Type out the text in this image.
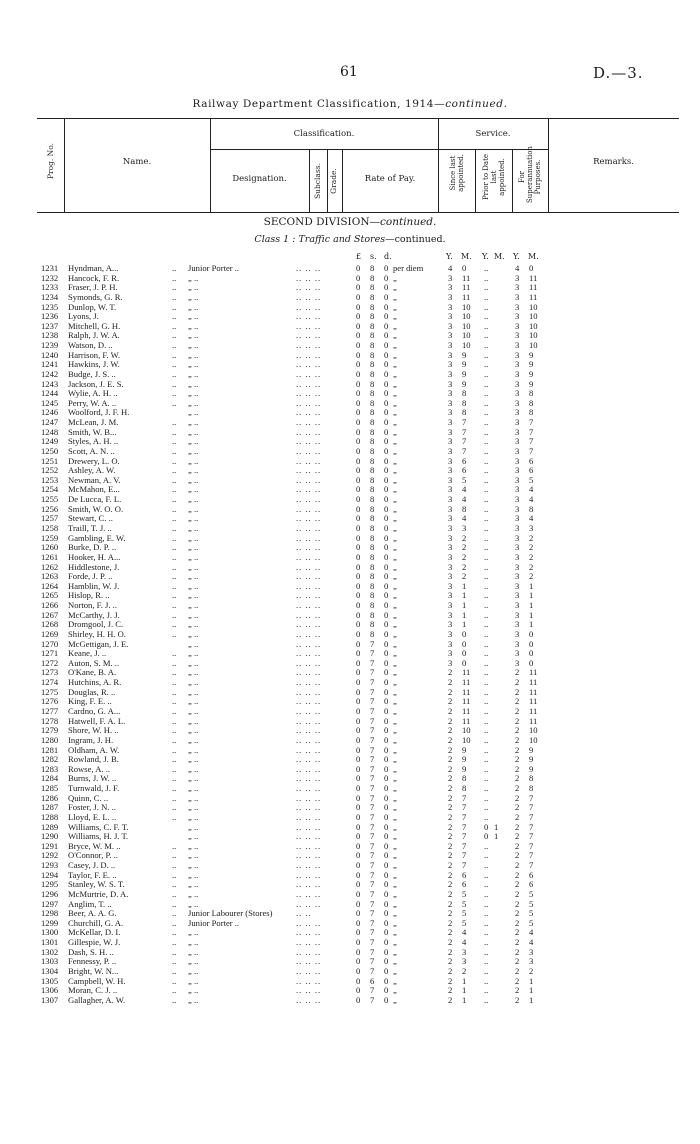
61	D.—3.
Railway Department Classification, 1914—continued.
Prog. No.	Name.
Classification.
Designation.	Subclass. Grade.	Rate of Pay.
Service.
Since last appointed. Prior to Date last appointed. For Superannuation Purposes.	Remarks.
SECOND DIVISION—continued.
Class 1 : Traffic and Stores—continued.
£ s. d.	Y. M. Y. M. Y. M.
1231 Hyndman, A...	.. Junior Porter ..	.. .. ..	0 8 0 per diem	4 0 ..	4 0
1232 Hancock, F. R.	.. „ ..	.. .. ..	0 8 0 „	3 11 ..	3 11
1233 Fraser, J. P. H.	.. „ ..	.. .. ..	0 8 0 „	3 11 ..	3 11
1234 Symonds, G. R.	.. „ ..	.. .. ..	0 8 0 „	3 11 ..	3 11
1235 Dunlop, W. T.	.. „ ..	.. .. ..	0 8 0 „	3 10 ..	3 10
1236 Lyons, J.	.. „ ..	.. .. ..	0 8 0 „	3 10 ..	3 10
1237 Mitchell, G. H.	.. „ ..	.. .. ..	0 8 0 „	3 10 ..	3 10
1238 Ralph, J. W. A.	.. „ ..	.. .. ..	0 8 0 „	3 10 ..	3 10
1239 Watson, D. ..	.. „ ..	.. .. ..	0 8 0 „	3 10 ..	3 10
1240 Harrison, F. W.	.. „ ..	.. .. ..	0 8 0 „	3 9 ..	3 9
1241 Hawkins, J. W.	.. „ ..	.. .. ..	0 8 0 „	3 9 ..	3 9
1242 Budge, J. S. ..	.. „ ..	.. .. ..	0 8 0 „	3 9 ..	3 9
1243 Jackson, J. E. S.	.. „ ..	.. .. ..	0 8 0 „	3 9 ..	3 9
1244 Wylie, A. H. ..	.. „ ..	.. .. ..	0 8 0 „	3 8 ..	3 8
1245 Perry, W. A. ..	.. „ ..	.. .. ..	0 8 0 „	3 8 ..	3 8
1246 Woolford, J. F. H.	„ ..	.. .. ..	0 8 0 „	3 8 ..	3 8
1247 McLean, J. M.	.. „ ..	.. .. ..	0 8 0 „	3 7 ..	3 7
1248 Smith, W. B...	.. „ ..	.. .. ..	0 8 0 „	3 7 ..	3 7
1249 Styles, A. H. ..	.. „ ..	.. .. ..	0 8 0 „	3 7 ..	3 7
1250 Scott, A. N. ..	.. „ ..	.. .. ..	0 8 0 „	3 7 ..	3 7
1251 Drewery, L. O.	.. „ ..	.. .. ..	0 8 0 „	3 6 ..	3 6
1252 Ashley, A. W.	.. „ ..	.. .. ..	0 8 0 „	3 6 ..	3 6
1253 Newman, A. V.	.. „ ..	.. .. ..	0 8 0 „	3 5 ..	3 5
1254 McMahon, E...	.. „ ..	.. .. ..	0 8 0 „	3 4 ..	3 4
1255 De Lucca, F. L.	.. „ ..	.. .. ..	0 8 0 „	3 4 ..	3 4
1256 Smith, W. O. O.	.. „ ..	.. .. ..	0 8 0 „	3 8 ..	3 8
1257 Stewart, C. ..	.. „ ..	.. .. ..	0 8 0 „	3 4 ..	3 4
1258 Traill, T. J. ..	.. „ ..	.. .. ..	0 8 0 „	3 3 ..	3 3
1259 Gambling, E. W.	.. „ ..	.. .. ..	0 8 0 „	3 2 ..	3 2
1260 Burke, D. P. ..	.. „ ..	.. .. ..	0 8 0 „	3 2 ..	3 2
1261 Hooker, H. A...	.. „ ..	.. .. ..	0 8 0 „	3 2 ..	3 2
1262 Hiddlestone, J.	.. „ ..	.. .. ..	0 8 0 „	3 2 ..	3 2
1263 Forde, J. P. ..	.. „ ..	.. .. ..	0 8 0 „	3 2 ..	3 2
1264 Hamblin, W. J.	.. „ ..	.. .. ..	0 8 0 „	3 1 ..	3 1
1265 Hislop, R. ..	.. „ ..	.. .. ..	0 8 0 „	3 1 ..	3 1
1266 Norton, F. J. ..	.. „ ..	.. .. ..	0 8 0 „	3 1 ..	3 1
1267 McCarthy, J. J.	.. „ ..	.. .. ..	0 8 0 „	3 1 ..	3 1
1268 Dromgool, J. C.	.. „ ..	.. .. ..	0 8 0 „	3 1 ..	3 1
1269 Shirley, H. H. O.	.. „ ..	.. .. ..	0 8 0 „	3 0 ..	3 0
1270 McGettigan, J. E.	„ ..	.. .. ..	0 7 0 „	3 0 ..	3 0
1271 Keane, J. ..	.. „ ..	.. .. ..	0 7 0 „	3 0 ..	3 0
1272 Auton, S. M. ..	.. „ ..	.. .. ..	0 7 0 „	3 0 ..	3 0
1273 O'Kane, B. A.	.. „ ..	.. .. ..	0 7 0 „	2 11 ..	2 11
1274 Hutchins, A. R.	.. „ ..	.. .. ..	0 7 0 „	2 11 ..	2 11
1275 Douglas, R. ..	.. „ ..	.. .. ..	0 7 0 „	2 11 ..	2 11
1276 King, F. E. ..	.. „ ..	.. .. ..	0 7 0 „	2 11 ..	2 11
1277 Cardno, G. A...	.. „ ..	.. .. ..	0 7 0 „	2 11 ..	2 11
1278 Hatwell, F. A. L.	.. „ ..	.. .. ..	0 7 0 „	2 11 ..	2 11
1279 Shore, W. H. ..	.. „ ..	.. .. ..	0 7 0 „	2 10 ..	2 10
1280 Ingram, J. H.	.. „ ..	.. .. ..	0 7 0 „	2 10 ..	2 10
1281 Oldham, A. W.	.. „ ..	.. .. ..	0 7 0 „	2 9 ..	2 9
1282 Rowland, J. B.	.. „ ..	.. .. ..	0 7 0 „	2 9 ..	2 9
1283 Rowse, A. ..	.. „ ..	.. .. ..	0 7 0 „	2 9 ..	2 9
1284 Burns, J. W. ..	.. „ ..	.. .. ..	0 7 0 „	2 8 ..	2 8
1285 Turnwald, J. F.	.. „ ..	.. .. ..	0 7 0 „	2 8 ..	2 8
1286 Quinn, C. ..	.. „ ..	.. .. ..	0 7 0 „	2 7 ..	2 7
1287 Foster, J. N. ..	.. „ ..	.. .. ..	0 7 0 „	2 7 ..	2 7
1288 Lloyd, E. L. ..	.. „ ..	.. .. ..	0 7 0 „	2 7 ..	2 7
1289 Williams, C. F. T.	„ ..	.. .. ..	0 7 0 „	2 7 0 1 2 7
1290 Williams, H. J. T.	„ ..	.. .. ..	0 7 0 „	2 7 0 1 2 7
1291 Bryce, W. M. ..	.. „ ..	.. .. ..	0 7 0 „	2 7 ..	2 7
1292 O'Connor, P. ..	.. „ ..	.. .. ..	0 7 0 „	2 7 ..	2 7
1293 Casey, J. D. ..	.. „ ..	.. .. ..	0 7 0 „	2 7 ..	2 7
1294 Taylor, F. E. ..	.. „ ..	.. .. ..	0 7 0 „	2 6 ..	2 6
1295 Stanley, W. S. T.	.. „ ..	.. .. ..	0 7 0 „	2 6 ..	2 6
1296 McMurtrie, D. A.	.. „ ..	.. .. ..	0 7 0 „	2 5 ..	2 5
1297 Anglim, T. ..	.. „ ..	.. .. ..	0 7 0 „	2 5 ..	2 5
1298 Beer, A. A. G.	.. Junior Labourer (Stores)	.. ..	0 7 0 „	2 5 ..	2 5
1299 Churchill, G. A.	.. Junior Porter ..	.. .. ..	0 7 0 „	2 5 ..	2 5
1300 McKellar, D. I.	.. „ ..	.. .. ..	0 7 0 „	2 4 ..	2 4
1301 Gillespie, W. J.	.. „ ..	.. .. ..	0 7 0 „	2 4 ..	2 4
1302 Dash, S. H. ..	.. „ ..	.. .. ..	0 7 0 „	2 3 ..	2 3
1303 Fennessy, P. ..	.. „ ..	.. .. ..	0 7 0 „	2 3 ..	2 3
1304 Bright, W. N...	.. „ ..	.. .. ..	0 7 0 „	2 2 ..	2 2
1305 Campbell, W. H.	.. „ ..	.. .. ..	0 6 0 „	2 1 ..	2 1
1306 Moran, C. J. ..	.. „ ..	.. .. ..	0 7 0 „	2 1 ..	2 1
1307 Gallagher, A. W.	.. „ ..	.. .. ..	0 7 0 „	2 1 ..	2 1
